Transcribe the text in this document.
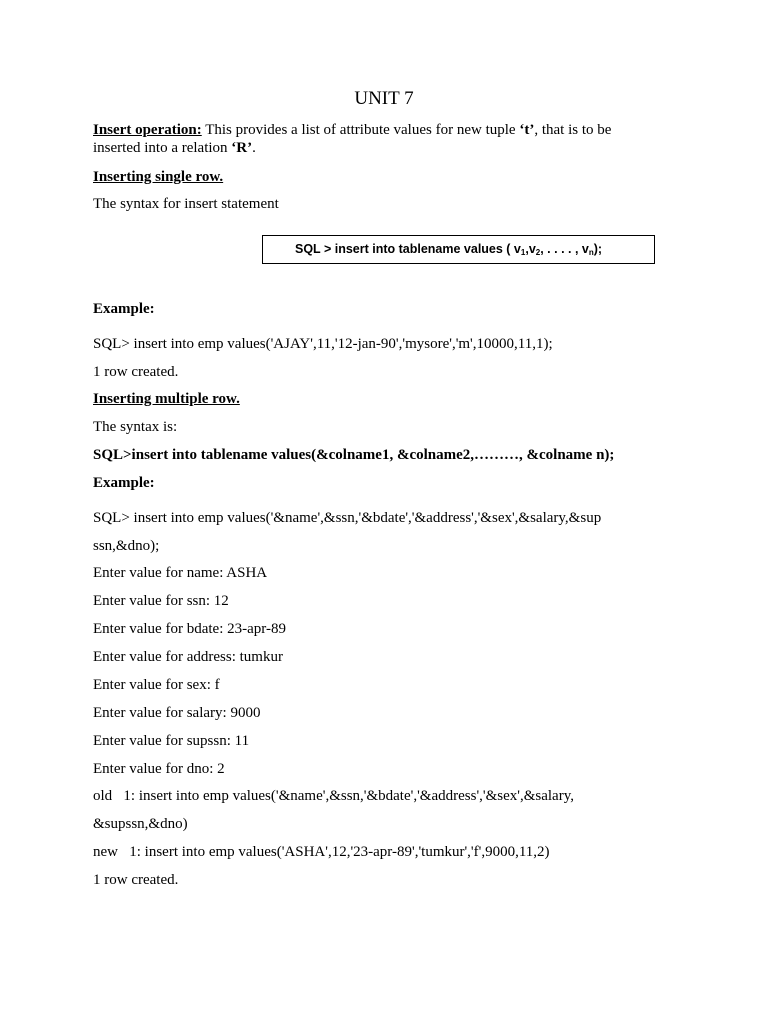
UNIT 7
Insert operation: This provides a list of attribute values for new tuple ‘t’, that is to be
inserted into a relation ‘R’.
Inserting single row.
The syntax for insert statement
SQL > insert into tablename values ( $v_1,v_2$, . . . . , $v_n$);
Example:
SQL> insert into emp values('AJAY',11,'12-jan-90','mysore','m',10000,11,1);
1 row created.
Inserting multiple row.
The syntax is:
SQL>insert into tablename values(&colname1, &colname2,………, &colname n);
Example:
SQL> insert into emp values('&name',&ssn,'&bdate','&address','&sex',&salary,&sup
ssn,&dno);
Enter value for name: ASHA
Enter value for ssn: 12
Enter value for bdate: 23-apr-89
Enter value for address: tumkur
Enter value for sex: f
Enter value for salary: 9000
Enter value for supssn: 11
Enter value for dno: 2
old   1: insert into emp values('&name',&ssn,'&bdate','&address','&sex',&salary,
&supssn,&dno)
new   1: insert into emp values('ASHA',12,'23-apr-89','tumkur','f',9000,11,2)
1 row created.
